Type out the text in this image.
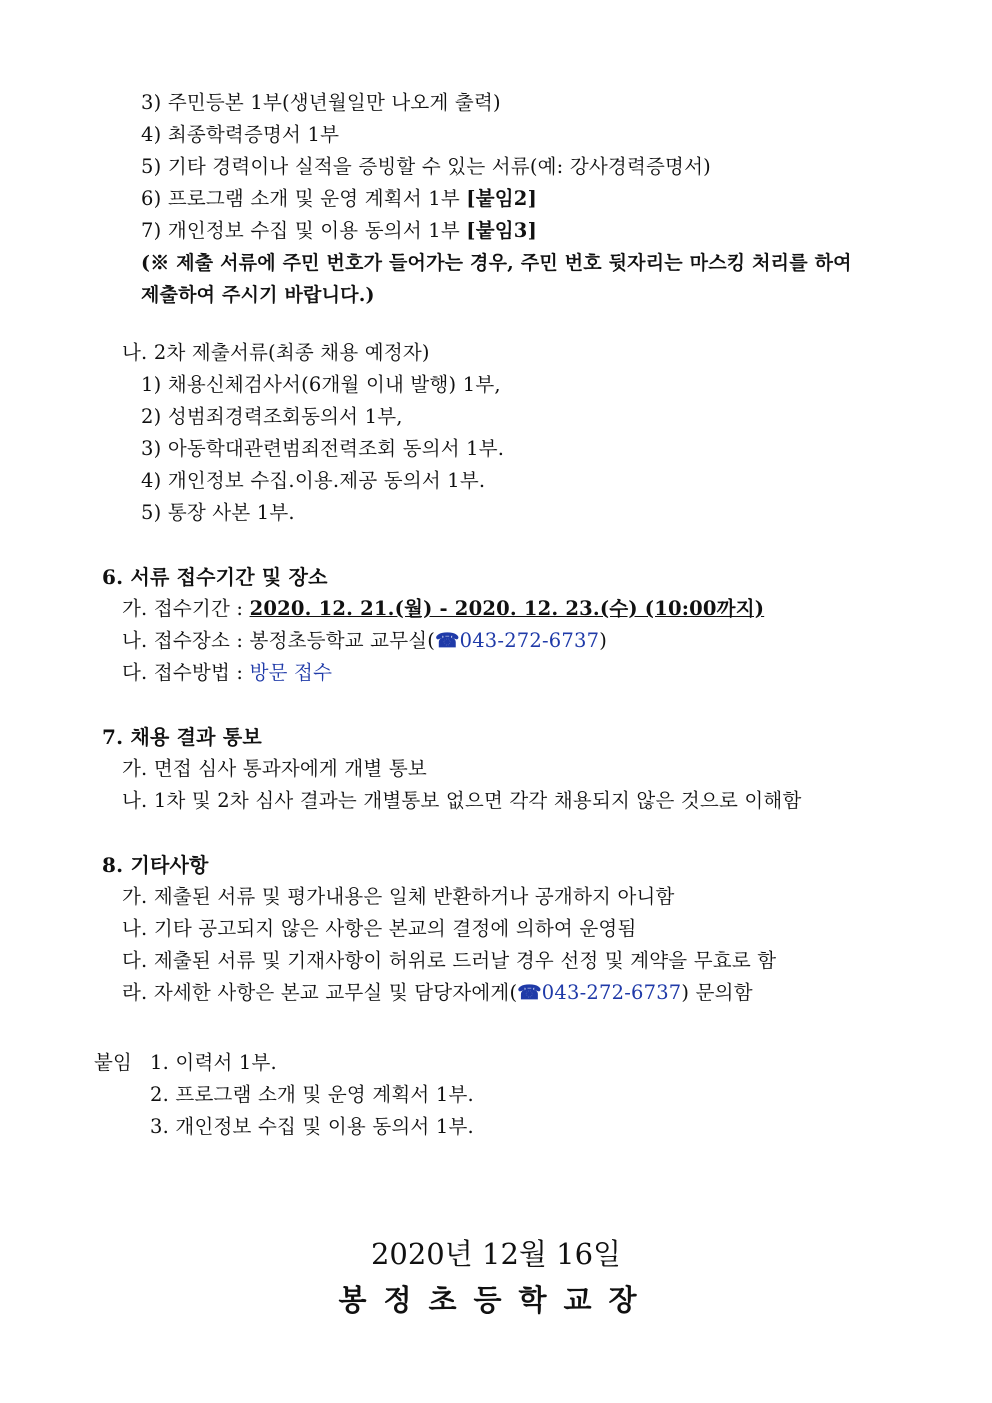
3) 주민등본 1부(생년월일만 나오게 출력)
4) 최종학력증명서 1부
5) 기타 경력이나 실적을 증빙할 수 있는 서류(예: 강사경력증명서)
6) 프로그램 소개 및 운영 계획서 1부 [붙임2]
7) 개인정보 수집 및 이용 동의서 1부 [붙임3]
(※ 제출 서류에 주민 번호가 들어가는 경우, 주민 번호 뒷자리는 마스킹 처리를 하여
제출하여 주시기 바랍니다.)
나. 2차 제출서류(최종 채용 예정자)
1) 채용신체검사서(6개월 이내 발행) 1부,
2) 성범죄경력조회동의서 1부,
3) 아동학대관련범죄전력조회 동의서 1부.
4) 개인정보 수집.이용.제공 동의서 1부.
5) 통장 사본 1부.
6. 서류 접수기간 및 장소
가. 접수기간 : 2020. 12. 21.(월) - 2020. 12. 23.(수) (10:00까지)
나. 접수장소 : 봉정초등학교 교무실(☎043-272-6737)
다. 접수방법 : 방문 접수
7. 채용 결과 통보
가. 면접 심사 통과자에게 개별 통보
나. 1차 및 2차 심사 결과는 개별통보 없으면 각각 채용되지 않은 것으로 이해함
8. 기타사항
가. 제출된 서류 및 평가내용은 일체 반환하거나 공개하지 아니함
나. 기타 공고되지 않은 사항은 본교의 결정에 의하여 운영됨
다. 제출된 서류 및 기재사항이 허위로 드러날 경우 선정 및 계약을 무효로 함
라. 자세한 사항은 본교 교무실 및 담당자에게(☎043-272-6737) 문의함
붙임 1. 이력서 1부.
2. 프로그램 소개 및 운영 계획서 1부.
3. 개인정보 수집 및 이용 동의서 1부.
2020년 12월 16일
봉정초등학교장
